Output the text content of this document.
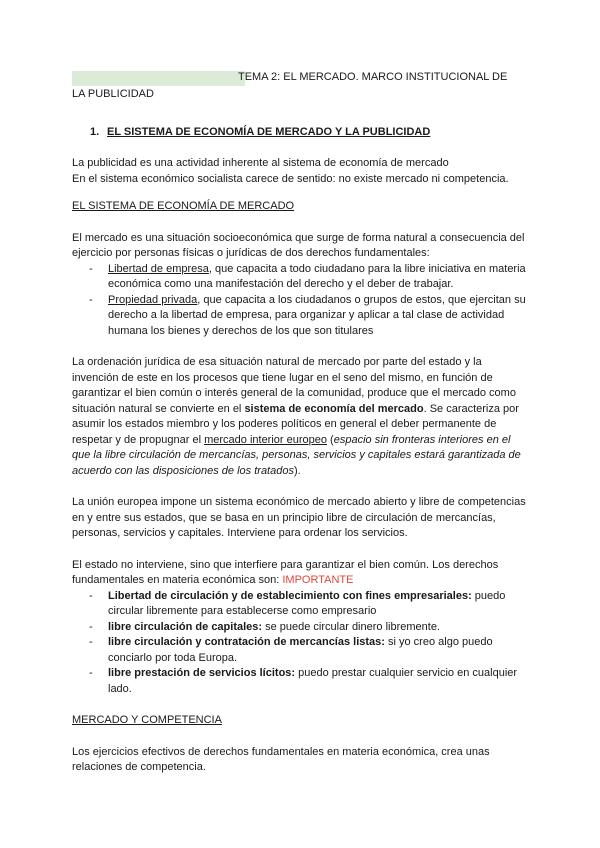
TEMA 2: EL MERCADO. MARCO INSTITUCIONAL DE
LA PUBLICIDAD
1. EL SISTEMA DE ECONOMÍA DE MERCADO Y LA PUBLICIDAD

La publicidad es una actividad inherente al sistema de economía de mercado

En el sistema económico socialista carece de sentido: no existe mercado ni competencia.

EL SISTEMA DE ECONOMÍA DE MERCADO

El mercado es una situación socioeconómica que surge de forma natural a consecuencia del ejercicio por personas físicas o jurídicas de dos derechos fundamentales:

- Libertad de empresa, que capacita a todo ciudadano para la libre iniciativa en materia económica como una manifestación del derecho y el deber de trabajar.
- Propiedad privada, que capacita a los ciudadanos o grupos de estos, que ejercitan su derecho a la libertad de empresa, para organizar y aplicar a tal clase de actividad humana los bienes y derechos de los que son titulares

La ordenación jurídica de esa situación natural de mercado por parte del estado y la invención de este en los procesos que tiene lugar en el seno del mismo, en función de garantizar el bien común o interés general de la comunidad, produce que el mercado como situación natural se convierte en el sistema de economía del mercado. Se caracteriza por asumir los estados miembro y los poderes políticos en general el deber permanente de respetar y de propugnar el mercado interior europeo (espacio sin fronteras interiores en el que la libre circulación de mercancías, personas, servicios y capitales estará garantizada de acuerdo con las disposiciones de los tratados).

La unión europea impone un sistema económico de mercado abierto y libre de competencias en y entre sus estados, que se basa en un principio libre de circulación de mercancías, personas, servicios y capitales. Interviene para ordenar los servicios.

El estado no interviene, sino que interfiere para garantizar el bien común. Los derechos fundamentales en materia económica son: IMPORTANTE

- Libertad de circulación y de establecimiento con fines empresariales: puedo circular libremente para establecerse como empresario
- libre circulación de capitales: se puede circular dinero libremente.
- libre circulación y contratación de mercancías listas: si yo creo algo puedo conciarlo por toda Europa.
- libre prestación de servicios lícitos: puedo prestar cualquier servicio en cualquier lado.

MERCADO Y COMPETENCIA

Los ejercicios efectivos de derechos fundamentales en materia económica, crea unas relaciones de competencia.
